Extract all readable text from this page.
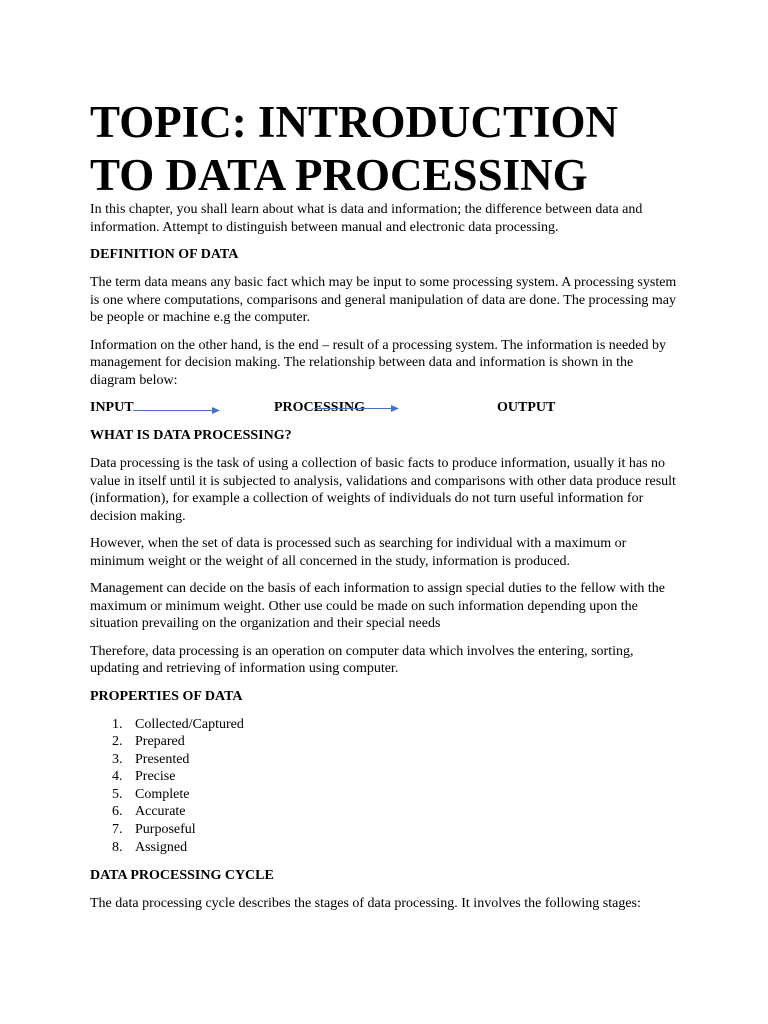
TOPIC: INTRODUCTION
TO DATA PROCESSING

In this chapter, you shall learn about what is data and information; the difference between data and information. Attempt to distinguish between manual and electronic data processing.

DEFINITION OF DATA

The term data means any basic fact which may be input to some processing system. A processing system is one where computations, comparisons and general manipulation of data are done. The processing may be people or machine e.g the computer.

Information on the other hand, is the end – result of a processing system. The information is needed by management for decision making. The relationship between data and information is shown in the diagram below:

INPUT	PROCESSING	OUTPUT

WHAT IS DATA PROCESSING?

Data processing is the task of using a collection of basic facts to produce information, usually it has no value in itself until it is subjected to analysis, validations and comparisons with other data produce result (information), for example a collection of weights of individuals do not turn useful information for decision making.

However, when the set of data is processed such as searching for individual with a maximum or minimum weight or the weight of all concerned in the study, information is produced.

Management can decide on the basis of each information to assign special duties to the fellow with the maximum or minimum weight. Other use could be made on such information depending upon the situation prevailing on the organization and their special needs

Therefore, data processing is an operation on computer data which involves the entering, sorting, updating and retrieving of information using computer.

PROPERTIES OF DATA

1. Collected/Captured
2. Prepared
3. Presented
4. Precise
5. Complete
6. Accurate
7. Purposeful
8. Assigned

DATA PROCESSING CYCLE

The data processing cycle describes the stages of data processing. It involves the following stages:
